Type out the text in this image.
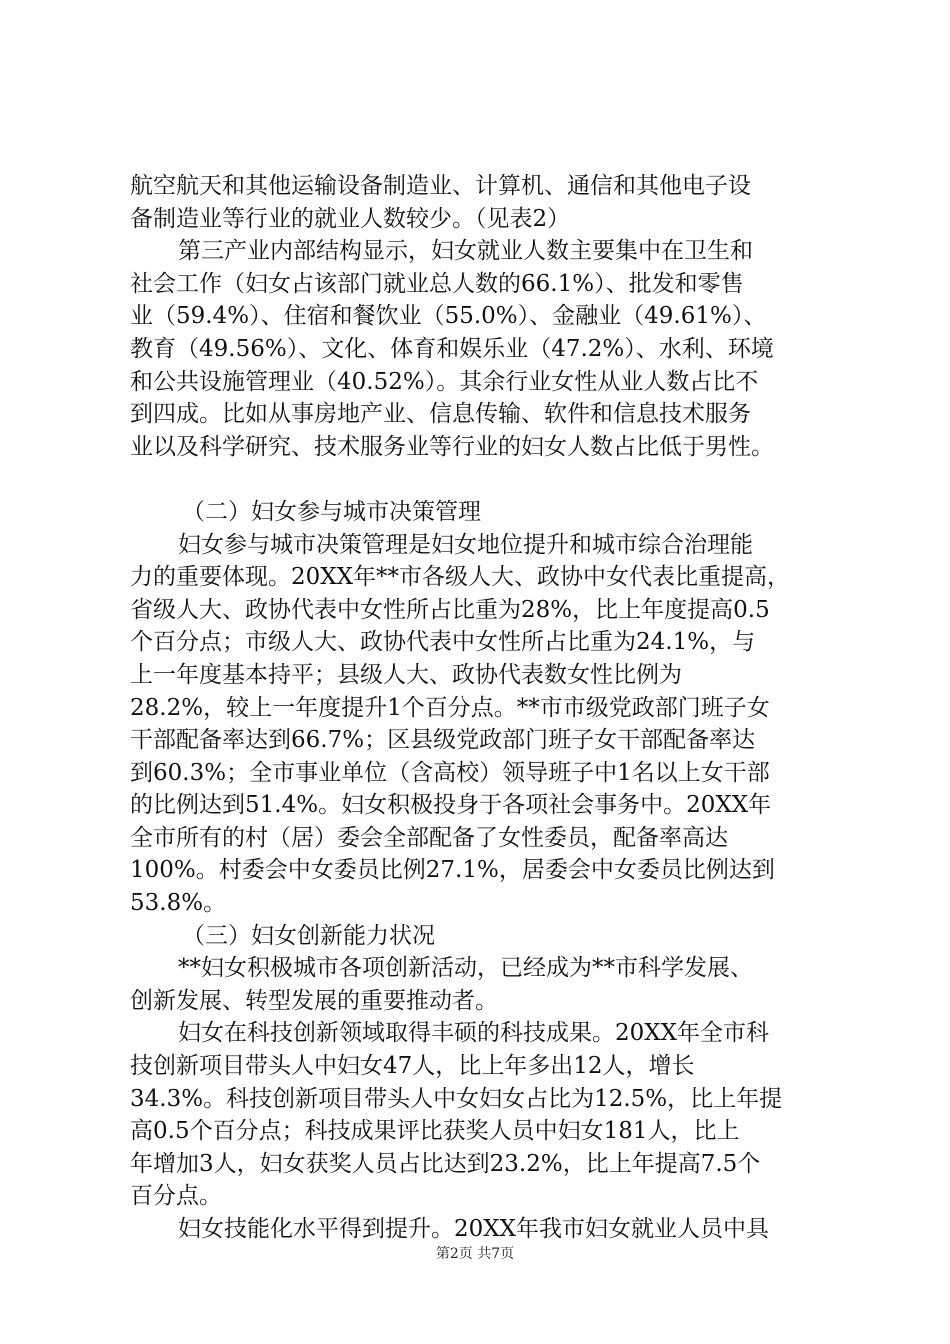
航空航天和其他运输设备制造业、计算机、通信和其他电子设
备制造业等行业的就业人数较少。（见表2）
第三产业内部结构显示，妇女就业人数主要集中在卫生和
社会工作（妇女占该部门就业总人数的66.1%）、批发和零售
业（59.4%）、住宿和餐饮业（55.0%）、金融业（49.61%）、
教育（49.56%）、文化、体育和娱乐业（47.2%）、水利、环境
和公共设施管理业（40.52%）。其余行业女性从业人数占比不
到四成。比如从事房地产业、信息传输、软件和信息技术服务
业以及科学研究、技术服务业等行业的妇女人数占比低于男性。
（二）妇女参与城市决策管理
妇女参与城市决策管理是妇女地位提升和城市综合治理能
力的重要体现。20XX年**市各级人大、政协中女代表比重提高，
省级人大、政协代表中女性所占比重为28%，比上年度提高0.5
个百分点；市级人大、政协代表中女性所占比重为24.1%，与
上一年度基本持平；县级人大、政协代表数女性比例为
28.2%，较上一年度提升1个百分点。**市市级党政部门班子女
干部配备率达到66.7%；区县级党政部门班子女干部配备率达
到60.3%；全市事业单位（含高校）领导班子中1名以上女干部
的比例达到51.4%。妇女积极投身于各项社会事务中。20XX年
全市所有的村（居）委会全部配备了女性委员，配备率高达
100%。村委会中女委员比例27.1%，居委会中女委员比例达到
53.8%。
（三）妇女创新能力状况
**妇女积极城市各项创新活动，已经成为**市科学发展、
创新发展、转型发展的重要推动者。
妇女在科技创新领域取得丰硕的科技成果。20XX年全市科
技创新项目带头人中妇女47人，比上年多出12人，增长
34.3%。科技创新项目带头人中女妇女占比为12.5%，比上年提
高0.5个百分点；科技成果评比获奖人员中妇女181人，比上
年增加3人，妇女获奖人员占比达到23.2%，比上年提高7.5个
百分点。
妇女技能化水平得到提升。20XX年我市妇女就业人员中具
第2页 共7页
